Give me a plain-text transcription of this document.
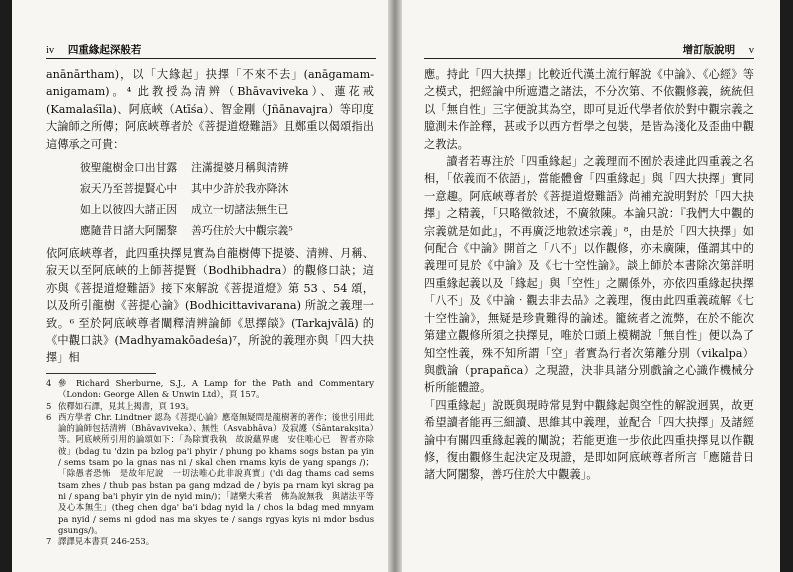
iv 四重緣起深般若

anānārtham)，以「大緣起」抉擇「不來不去」(anāgamam-anigamam)。⁴ 此教授為清辨（Bhāvaviveka）、蓮花戒(Kamalaśīla)、阿底峽（Atīśa）、智金剛（Jñānavajra）等印度大論師之所傳；阿底峽尊者於《菩提道燈難語》且鄭重以偈頌指出這傳承之可貴：

彼聖龍樹金口出甘露 注滿提婆月稱與清辨
寂天乃至菩提賢心中 其中少許於我亦降沐
如上以彼四大諸正因 成立一切諸法無生已
應隨昔日諸大阿闍黎 善巧住於大中觀宗義⁵

依阿底峽尊者，此四重抉擇見實為自龍樹傳下提婆、清辨、月稱、寂天以至阿底峽的上師菩提賢（Bodhibhadra）的觀修口訣；這亦與《菩提道燈難語》接下來解說《菩提道燈》第 53 、54 頌，以及所引龍樹《菩提心論》(Bodhicittavivarana) 所說之義理一致。⁶ 至於阿底峽尊者闡釋清辨論師《思擇燄》(Tarkajvālā) 的《中觀口訣》(Madhyamakōadeśa)⁷，所說的義理亦與「四大抉擇」相

4 參 Richard Sherburne, S.J., A Lamp for the Path and Commentary（London: George Allen & Unwin Ltd），頁 157。
5 依釋如石譯，見其上揭書，頁 193。
6 西方學者 Chr. Lindtner 認為《菩提心論》應毫無疑問是龍樹著的著作；後世引用此論的論師包括清辨（Bhāvaviveka）、無性（Asvabhāva）及寂護（Śāntarakṣita）等。阿底峽所引用的論頌如下：「為除實我執　故說蘊界處　安住唯心已　智者亦除彼」(bdag tu 'dzin pa bzlog pa'i phyir / phung po khams sogs bstan pa yin / sems tsam po la gnas nas ni / skal chen rnams kyis de yang spangs /)；「除愚者恐怖　是故年尼說　一切法唯心此非說真實」('di dag thams cad sems tsam zhes / thub pas bstan pa gang mdzad de / byis pa rnam kyi skrag pa ni / spang ba'i phyir yin de nyid min/)；「諸樂大乘者　佛為說無我　與諸法平等　及心本無生」(theg chen dga' ba'i bdag nyid la / chos la bdag med mnyam pa nyid / sems ni gdod nas ma skyes te / sangs rgyas kyis ni mdor bsdus gsungs/)。
7 譯譯見本書頁 246-253。
增訂版說明 v

應。持此「四大抉擇」比較近代漢土流行解說《中論》、《心經》等之模式，把經論中所遮遣之諸法，不分次第、不依觀修義，統統但以「無自性」三字便說其為空，即可見近代學者依於對中觀宗義之臆測未作詮釋，甚或予以西方哲學之包裝，是皆為淺化及歪曲中觀之教法。

讀者若專注於「四重緣起」之義理而不囿於表達此四重義之名相，「依義而不依語」，當能體會「四重緣起」與「四大抉擇」實同一意趣。阿底峽尊者於《菩提道燈難語》尚補充說明對於「四大抉擇」之精義，「只略徵敘述，不廣敘陳。本論只說：『我們大中觀的宗義就是如此』，不再廣泛地敘述宗義」⁸，由是於「四大抉擇」如何配合《中論》開首之「八不」以作觀修，亦未廣陳，僅謂其中的義理可見於《中論》及《七十空性論》。談上師於本書除次第詳明四重緣起義以及「緣起」與「空性」之關係外，亦依四重緣起抉擇「八不」及《中論‧觀去非去品》之義理，復由此四重義疏解《七十空性論》，無疑是珍貴難得的論述。籠統者之流弊，在於不能次第建立觀修所須之抉擇見，唯於口頭上模糊說「無自性」便以為了知空性義，殊不知所謂「空」者實為行者次第離分別（vikalpa）與戲論（prapañca）之現證，決非具諸分別戲論之心識作機械分析所能體證。

「四重緣起」說既與現時常見對中觀緣起與空性的解說迥異，故更希望讀者能再三細讀、思維其中義理，並配合「四大抉擇」及諸經論中有關四重緣起義的闡說；若能更進一步依此四重抉擇見以作觀修，復由觀修生起決定及現證，是即如阿底峽尊者所言「應隨昔日諸大阿闍黎，善巧住於大中觀義」。
